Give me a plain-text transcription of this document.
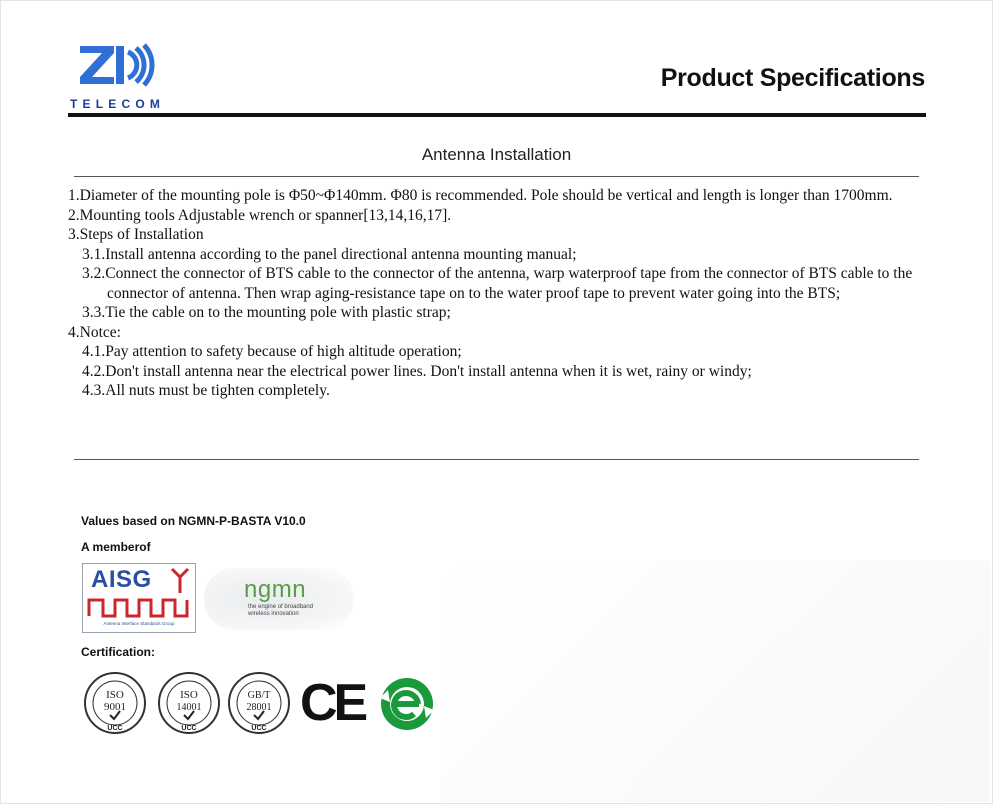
TELECOM
Product Specifications
Antenna Installation

1.Diameter of the mounting pole is Φ50~Φ140mm. Φ80 is recommended. Pole should be vertical and length is longer than 1700mm.

2.Mounting tools Adjustable wrench or spanner[13,14,16,17].

3.Steps of Installation

3.1.Install antenna according to the panel directional antenna mounting manual;

3.2.Connect the connector of BTS cable to the connector of the antenna, warp waterproof tape from the connector of BTS cable to the connector of antenna. Then wrap aging-resistance tape on to the water proof tape to prevent water going into the BTS;

3.3.Tie the cable on to the mounting pole with plastic strap;

4.Notce:

4.1.Pay attention to safety because of high altitude operation;

4.2.Don't install antenna near the electrical power lines. Don't install antenna when it is wet, rainy or windy;

4.3.All nuts must be tighten completely.

Values based on NGMN-P-BASTA V10.0
A memberof
AISG
Antenna Interface Standards Group
ngmn
the engine of broadband
wireless innovation
Certification:
ISO
9001
UCC
ISO
14001
UCC
GB/T
28001
UCC CE
